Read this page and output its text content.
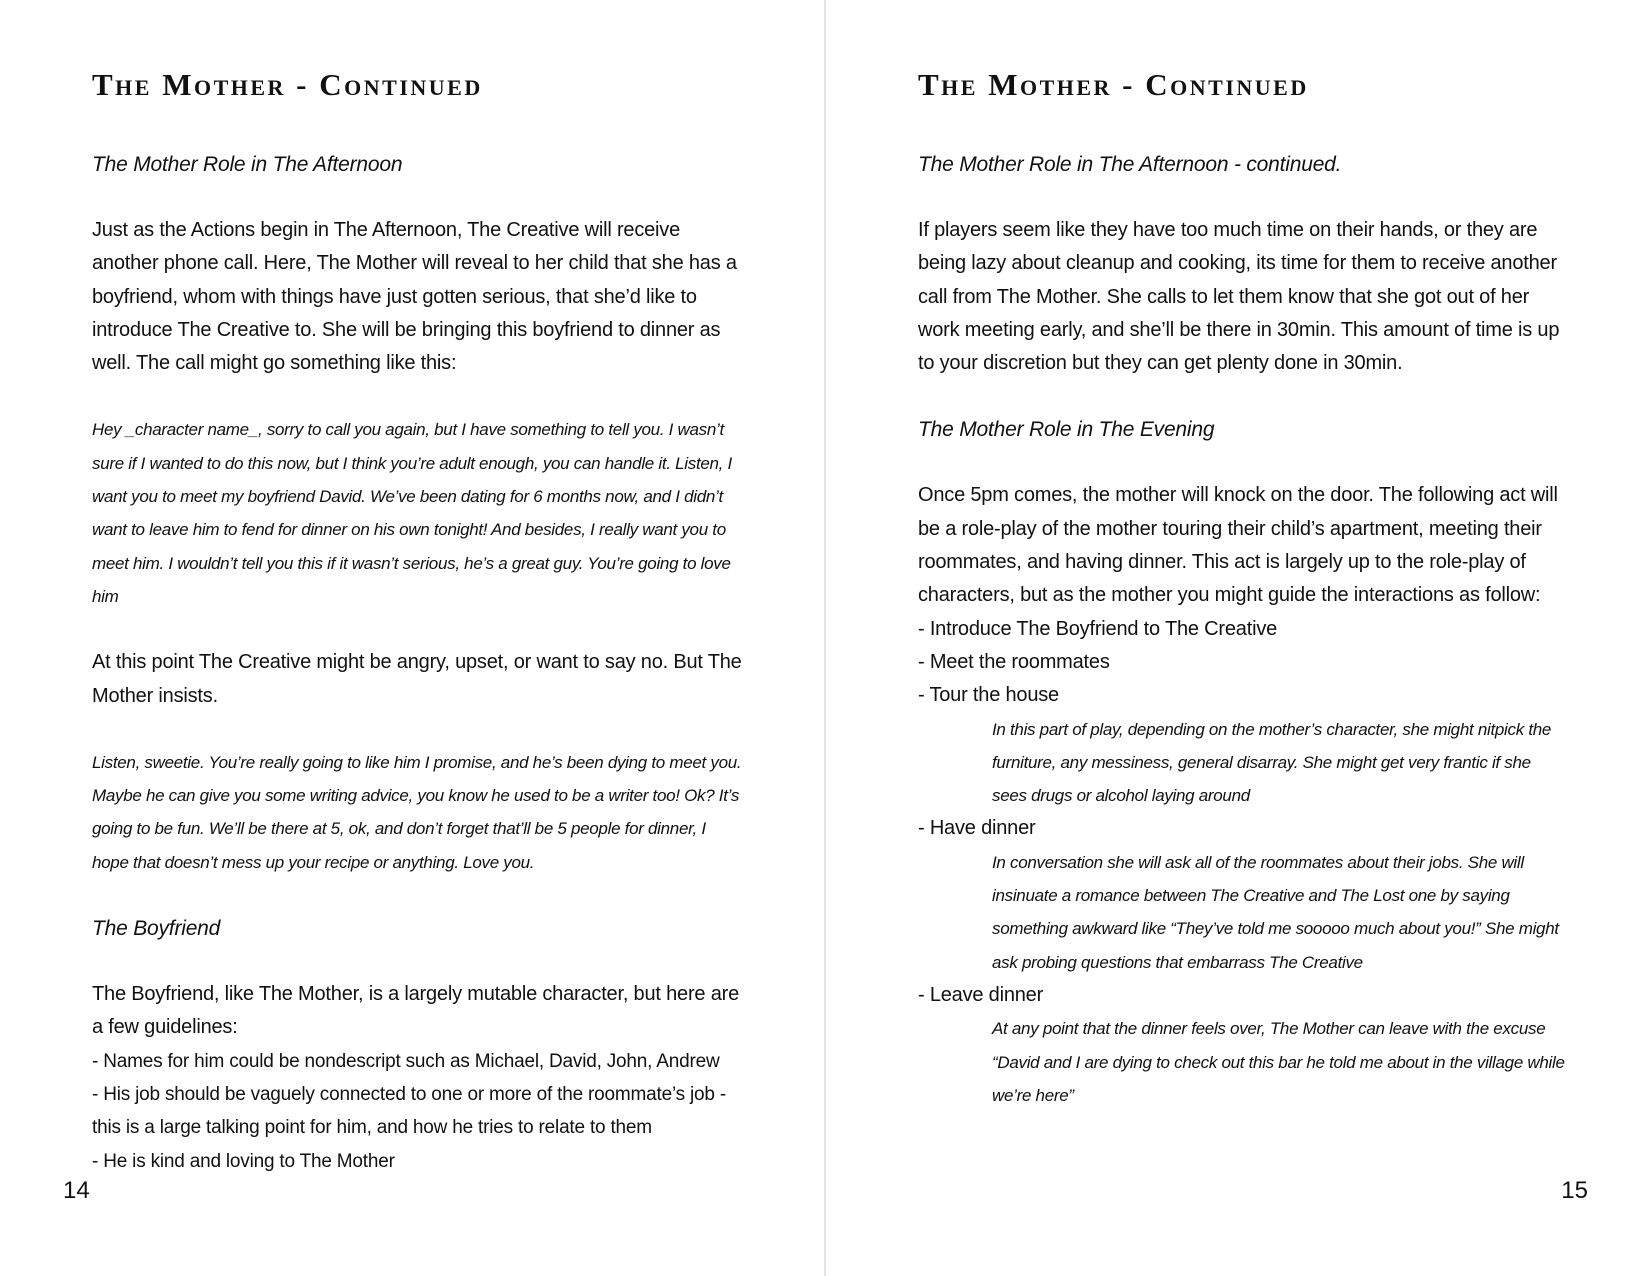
The Mother - Continued
The Mother Role in The Afternoon
Just as the Actions begin in The Afternoon, The Creative will receive another phone call. Here, The Mother will reveal to her child that she has a boyfriend, whom with things have just gotten serious, that she’d like to introduce The Creative to. She will be bringing this boyfriend to dinner as well. The call might go something like this:
Hey _character name_, sorry to call you again, but I have something to tell you. I wasn’t sure if I wanted to do this now, but I think you’re adult enough, you can handle it. Listen, I want you to meet my boyfriend David. We’ve been dating for 6 months now, and I didn’t want to leave him to fend for dinner on his own tonight! And besides, I really want you to meet him. I wouldn’t tell you this if it wasn’t serious, he’s a great guy. You’re going to love him
At this point The Creative might be angry, upset, or want to say no. But The Mother insists.
Listen, sweetie. You’re really going to like him I promise, and he’s been dying to meet you. Maybe he can give you some writing advice, you know he used to be a writer too! Ok? It’s going to be fun. We’ll be there at 5, ok, and don’t forget that’ll be 5 people for dinner, I hope that doesn’t mess up your recipe or anything. Love you.
The Boyfriend
The Boyfriend, like The Mother, is a largely mutable character, but here are a few guidelines:
- Names for him could be nondescript such as Michael, David, John, Andrew
- His job should be vaguely connected to one or more of the roommate’s job - this is a large talking point for him, and how he tries to relate to them
- He is kind and loving to The Mother
14
The Mother - Continued
The Mother Role in The Afternoon - continued.
If players seem like they have too much time on their hands, or they are being lazy about cleanup and cooking, its time for them to receive another call from The Mother. She calls to let them know that she got out of her work meeting early, and she’ll be there in 30min. This amount of time is up to your discretion but they can get plenty done in 30min.
The Mother Role in The Evening
Once 5pm comes, the mother will knock on the door. The following act will be a role-play of the mother touring their child’s apartment, meeting their roommates, and having dinner. This act is largely up to the role-play of characters, but as the mother you might guide the interactions as follow:
- Introduce The Boyfriend to The Creative
- Meet the roommates
- Tour the house
In this part of play, depending on the mother’s character, she might nitpick the furniture, any messiness, general disarray. She might get very frantic if she sees drugs or alcohol laying around
- Have dinner
In conversation she will ask all of the roommates about their jobs. She will insinuate a romance between The Creative and The Lost one by saying something awkward like “They’ve told me sooooo much about you!” She might ask probing questions that embarrass The Creative
- Leave dinner
At any point that the dinner feels over, The Mother can leave with the excuse “David and I are dying to check out this bar he told me about in the village while we’re here”
15
